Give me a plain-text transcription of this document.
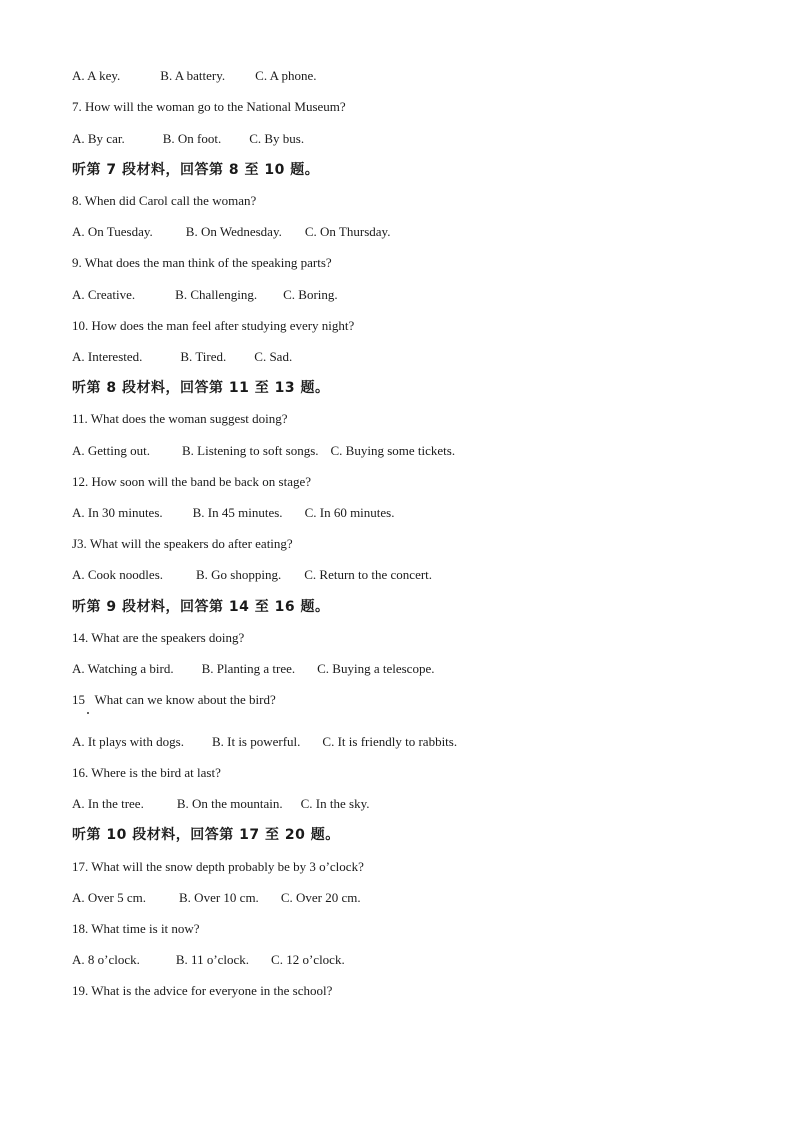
A. A key.	B. A battery. C. A phone.
7. How will the woman go to the National Museum?
A. By car.	B. On foot. C. By bus.
听第 7 段材料，回答第 8 至 10 题。
8. When did Carol call the woman?
A. On Tuesday.	B. On Wednesday. C. On Thursday.
9. What does the man think of the speaking parts?
A. Creative.	B. Challenging. C. Boring.
10. How does the man feel after studying every night?
A. Interested.	B. Tired. C. Sad.
听第 8 段材料，回答第 11 至 13 题。
11. What does the woman suggest doing?
A. Getting out. B. Listening to soft songs. C. Buying some tickets.
12. How soon will the band be back on stage?
A. In 30 minutes. B. In 45 minutes. C. In 60 minutes.
J3. What will the speakers do after eating?
A. Cook noodles.	B. Go shopping. C. Return to the concert.
听第 9 段材料，回答第 14 至 16 题。
14. What are the speakers doing?
A. Watching a bird. B. Planting a tree. C. Buying a telescope.
15   What can we know about the bird?
A. It plays with dogs. B. It is powerful. C. It is friendly to rabbits.
16. Where is the bird at last?
A. In the tree.	B. On the mountain. C. In the sky.
听第 10 段材料，回答第 17 至 20 题。
17. What will the snow depth probably be by 3 o’clock?
A. Over 5 cm.	B. Over 10 cm. C. Over 20 cm.
18. What time is it now?
A. 8 o’clock.	B. 11 o’clock. C. 12 o’clock.
19. What is the advice for everyone in the school?
